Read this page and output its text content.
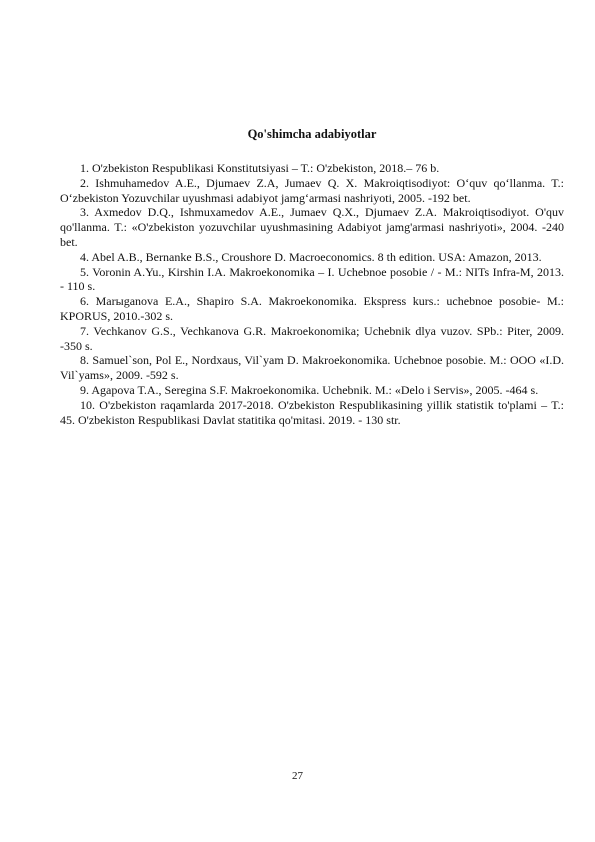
Qo'shimcha adabiyotlar

1. O'zbekiston Respublikasi Konstitutsiyasi – T.: O'zbekiston, 2018.– 76 b.

2. Ishmuhamedov A.E., Djumaev Z.A, Jumaev Q. X. Makroiqtisodiyot: O‘quv qo‘llanma. T.: O‘zbekiston Yozuvchilar uyushmasi adabiyot jamg‘armasi nashriyoti, 2005. -192 bet.

3. Axmedov D.Q., Ishmuxamedov A.E., Jumaev Q.X., Djumaev Z.A. Makroiqtisodiyot. O'quv qo'llanma. T.: «O'zbekiston yozuvchilar uyushmasining Adabiyot jamg'armasi nashriyoti», 2004. -240 bet.

4. Abel A.B., Bernanke B.S., Croushore D. Macroeconomics. 8 th edition. USA: Amazon, 2013.

5. Voronin A.Yu., Kirshin I.A. Makroekonomika – I. Uchebnoe posobie / - M.: NITs Infra-M, 2013. - 110 s.

6. Marыganova E.A., Shapiro S.A. Makroekonomika. Ekspress kurs.: uchebnoe posobie- M.: KPORUS, 2010.-302 s.

7. Vechkanov G.S., Vechkanova G.R. Makroekonomika; Uchebnik dlya vuzov. SPb.: Piter, 2009. -350 s.

8. Samuel`son, Pol E., Nordxaus, Vil`yam D. Makroekonomika. Uchebnoe posobie. M.: OOO «I.D. Vil`yams», 2009. -592 s.

9. Agapova T.A., Seregina S.F. Makroekonomika. Uchebnik. M.: «Delo i Servis», 2005. -464 s.

10. O'zbekiston raqamlarda 2017-2018. O'zbekiston Respublikasining yillik statistik to'plami – T.: 45. O'zbekiston Respublikasi Davlat statitika qo'mitasi. 2019. - 130 str.

27
